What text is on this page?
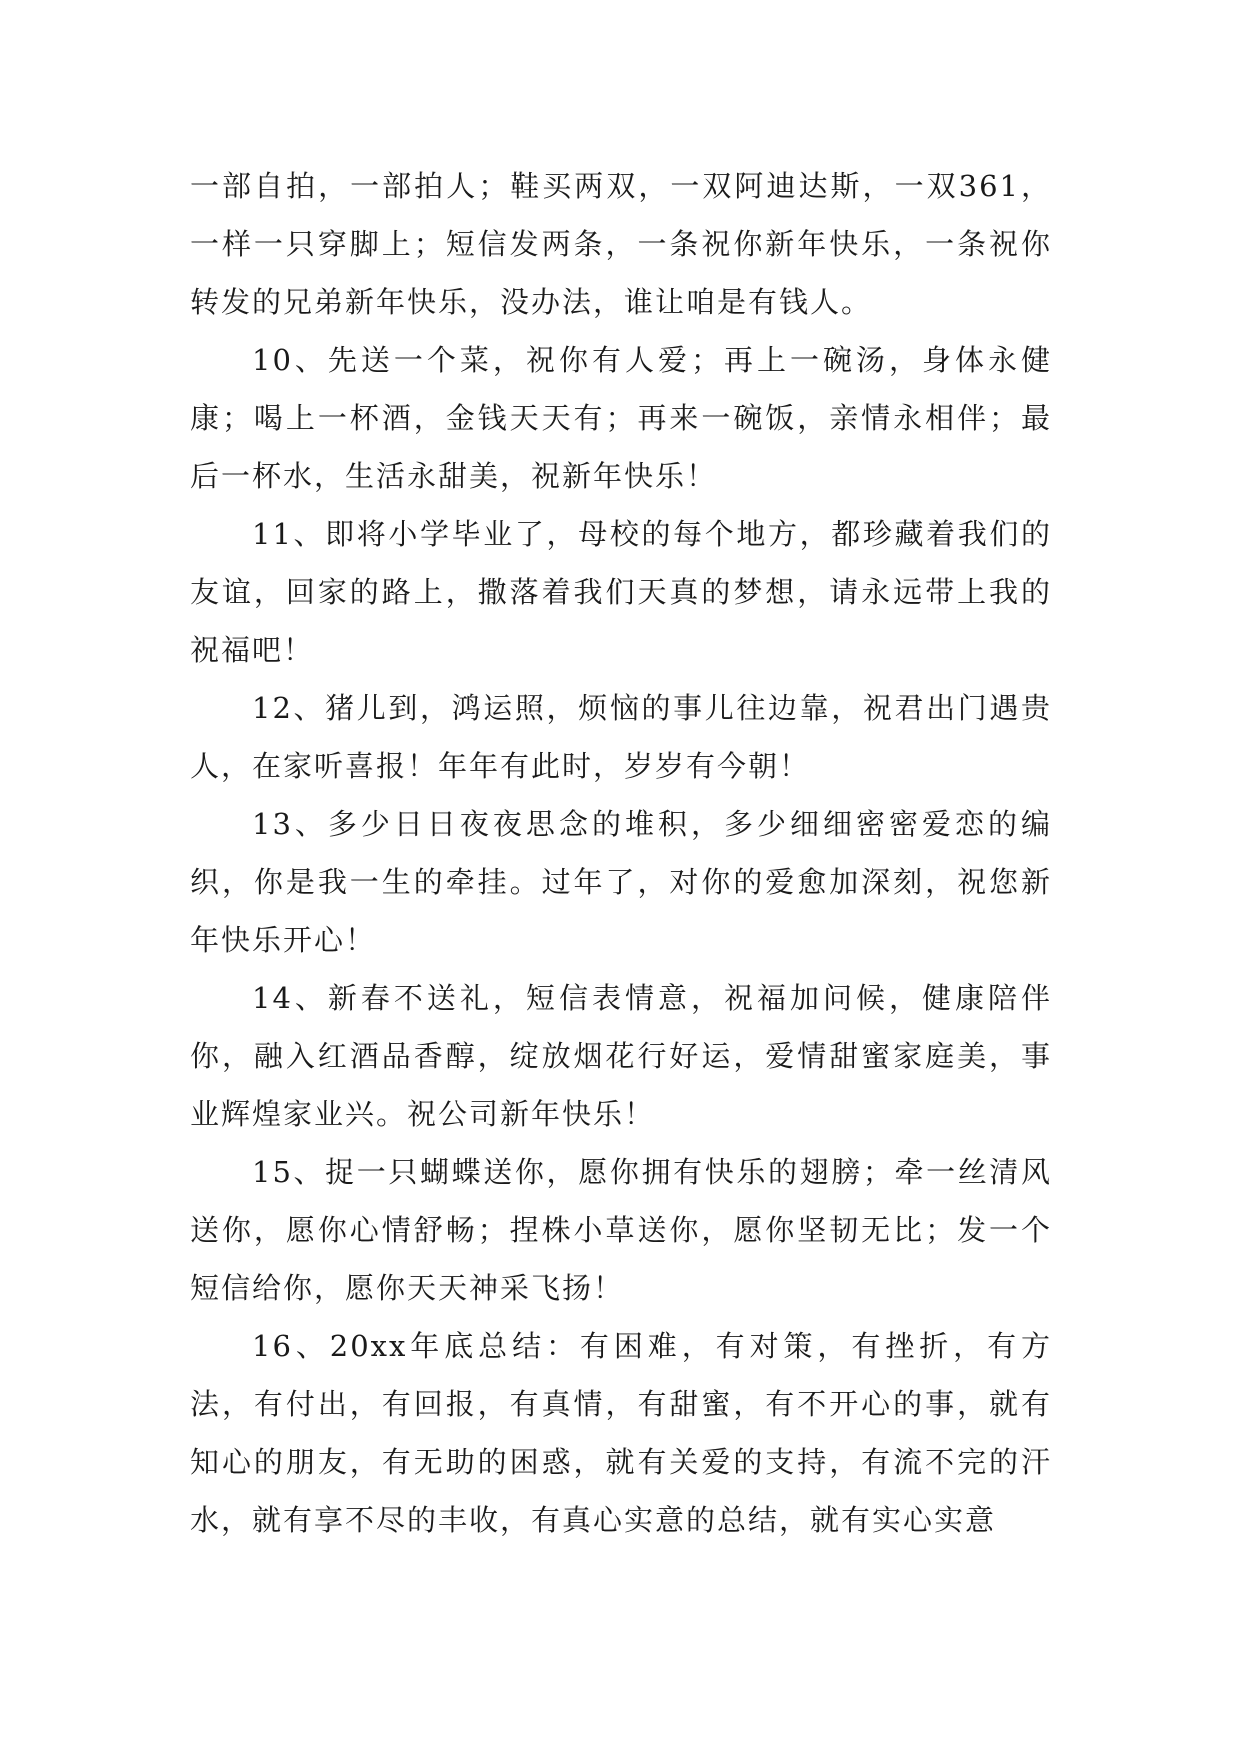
一部自拍，一部拍人；鞋买两双，一双阿迪达斯，一双361，一样一只穿脚上；短信发两条，一条祝你新年快乐，一条祝你转发的兄弟新年快乐，没办法，谁让咱是有钱人。

10、先送一个菜，祝你有人爱；再上一碗汤，身体永健康；喝上一杯酒，金钱天天有；再来一碗饭，亲情永相伴；最后一杯水，生活永甜美，祝新年快乐！

11、即将小学毕业了，母校的每个地方，都珍藏着我们的友谊，回家的路上，撒落着我们天真的梦想，请永远带上我的祝福吧！

12、猪儿到，鸿运照，烦恼的事儿往边靠，祝君出门遇贵人，在家听喜报！年年有此时，岁岁有今朝！

13、多少日日夜夜思念的堆积，多少细细密密爱恋的编织，你是我一生的牵挂。过年了，对你的爱愈加深刻，祝您新年快乐开心！

14、新春不送礼，短信表情意，祝福加问候，健康陪伴你，融入红酒品香醇，绽放烟花行好运，爱情甜蜜家庭美，事业辉煌家业兴。祝公司新年快乐！

15、捉一只蝴蝶送你，愿你拥有快乐的翅膀；牵一丝清风送你，愿你心情舒畅；捏株小草送你，愿你坚韧无比；发一个短信给你，愿你天天神采飞扬！

16、20xx年底总结：有困难，有对策，有挫折，有方法，有付出，有回报，有真情，有甜蜜，有不开心的事，就有知心的朋友，有无助的困惑，就有关爱的支持，有流不完的汗水，就有享不尽的丰收，有真心实意的总结，就有实心实意
